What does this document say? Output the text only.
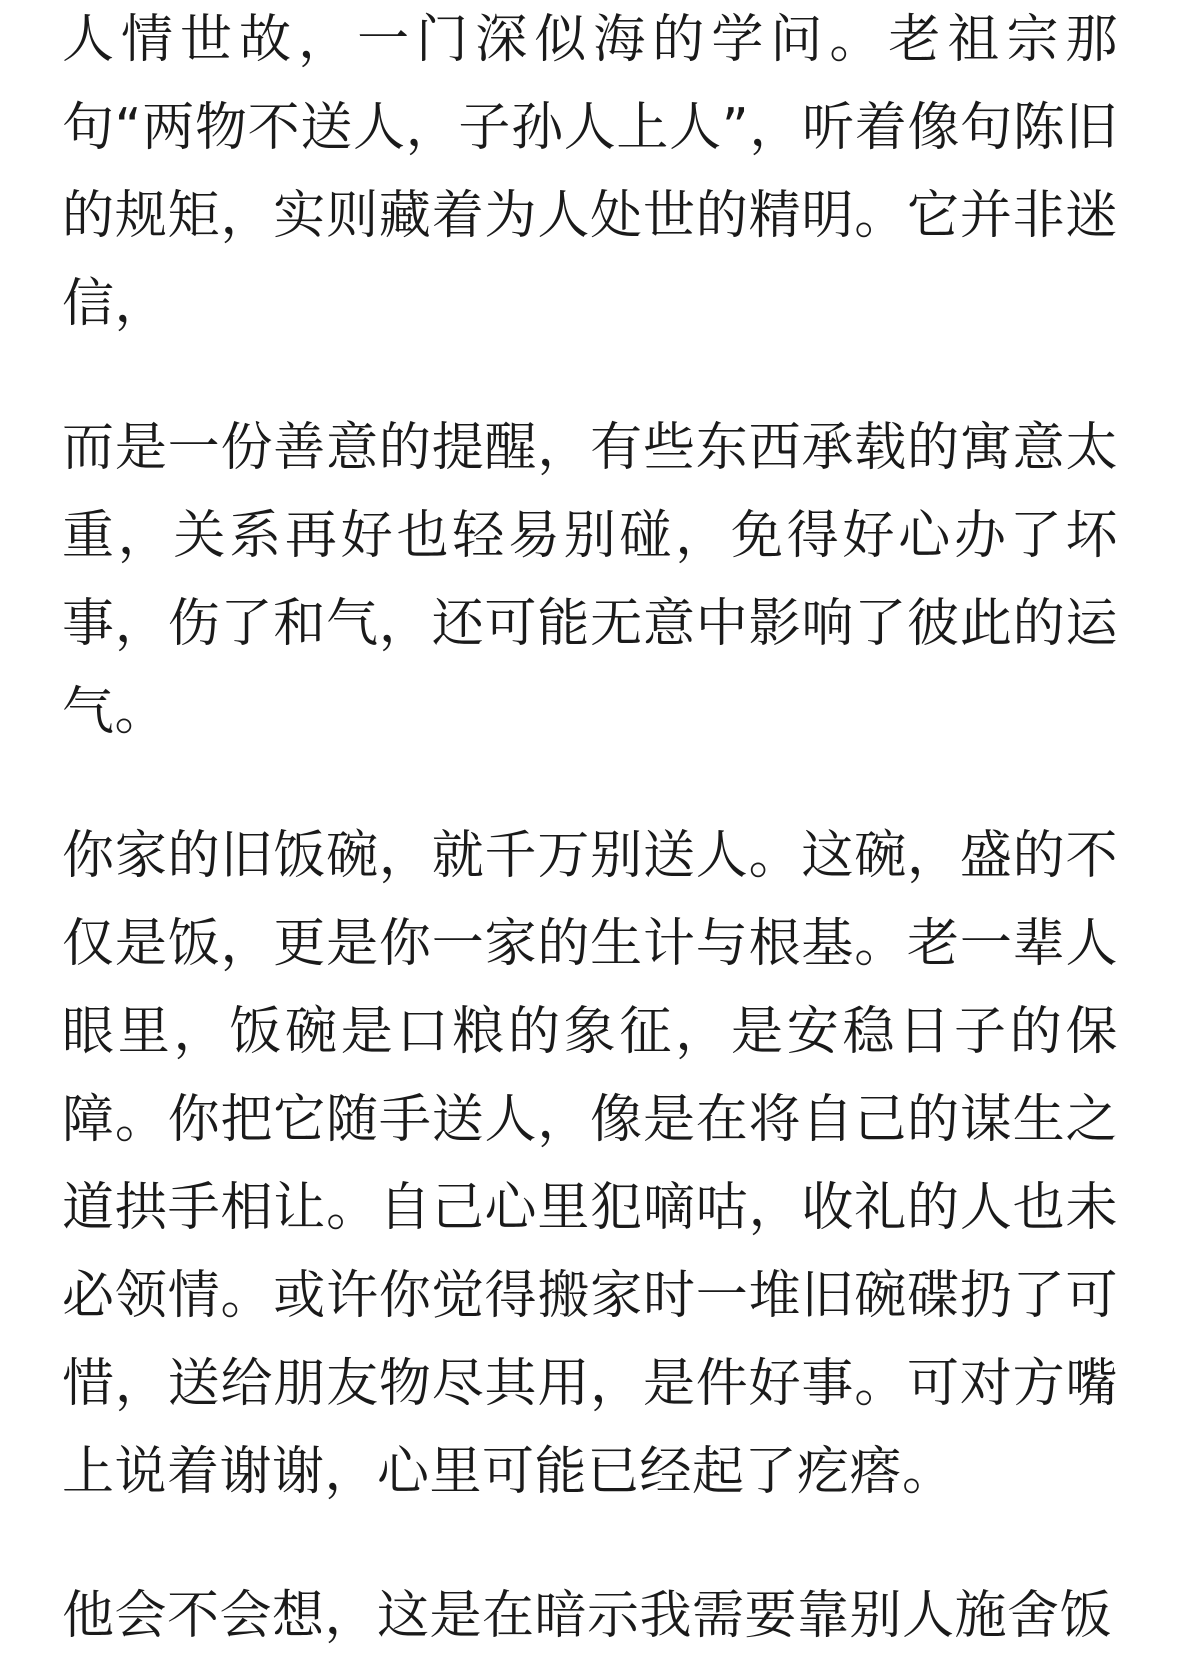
人情世故，一门深似海的学问。老祖宗那句“两物不送人，子孙人上人”，听着像句陈旧的规矩，实则藏着为人处世的精明。它并非迷信，

而是一份善意的提醒，有些东西承载的寓意太重，关系再好也轻易别碰，免得好心办了坏事，伤了和气，还可能无意中影响了彼此的运气。

你家的旧饭碗，就千万别送人。这碗，盛的不仅是饭，更是你一家的生计与根基。老一辈人眼里，饭碗是口粮的象征，是安稳日子的保障。你把它随手送人，像是在将自己的谋生之道拱手相让。自己心里犯嘀咕，收礼的人也未必领情。或许你觉得搬家时一堆旧碗碟扔了可惜，送给朋友物尽其用，是件好事。可对方嘴上说着谢谢，心里可能已经起了疙瘩。

他会不会想，这是在暗示我需要靠别人施舍饭
